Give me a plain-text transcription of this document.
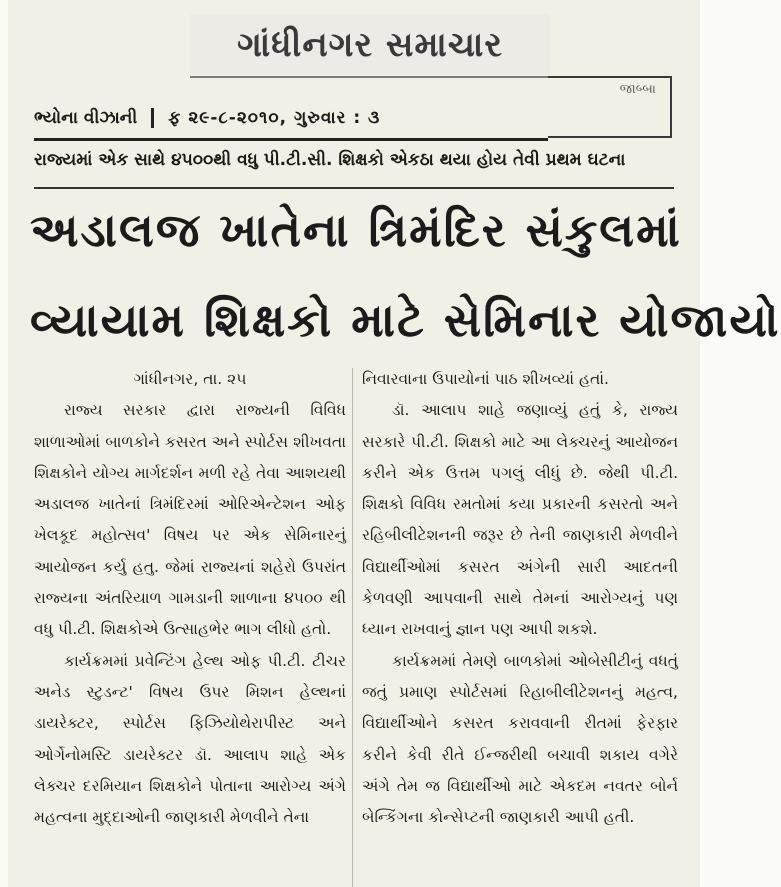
ગાંધીનગર સમાચાર
જાબ્બા
ભ્યોના વીઝાની	ફ ૨૯-૮-૨૦૧૦, ગુરુવાર : ૩
રાજ્યમાં એક સાથે ૪૫૦૦થી વધુ પી.ટી.સી. શિક્ષકો એકઠા થયા હોય તેવી પ્રથમ ઘટના
અડાલજ ખાતેના ત્રિમંદિર સંકુલમાં
વ્યાયામ શિક્ષકો માટે સેમિનાર યોજાયો

ગાંધીનગર, તા. ૨૫

રાજ્ય સરકાર દ્વારા રાજ્યની વિવિધ શાળાઓમાં બાળકોને કસરત અને સ્પોર્ટસ શીખવતા શિક્ષકોને યોગ્ય માર્ગદર્શન મળી રહે તેવા આશયથી અડાલજ ખાતેનાં ત્રિમંદિરમાં ઓરિએન્ટેશન ઓફ ખેલકૂદ મહોત્સવ' વિષય પર એક સેમિનારનું આયોજન કર્યુ હતુ. જેમાં રાજ્યનાં શહેરો ઉપરાંત રાજ્યના અંતરિયાળ ગામડાની શાળાના ૪૫૦૦ થી વધુ પી.ટી. શિક્ષકોએ ઉત્સાહભેર ભાગ લીધો હતો.

કાર્યક્રમમાં પ્રવેન્ટિંગ હેલ્થ ઓફ પી.ટી. ટીચર અનેડ સ્ટુડન્ટ' વિષય ઉપર મિશન હેલ્થનાં ડાયરેક્ટર, સ્પોર્ટસ ફિઝિયોથેરાપીસ્ટ અને ઓર્ગેનોમસ્ટિ ડાયરેક્ટર ડૉ. આલાપ શાહે એક લેક્ચર દરમિયાન શિક્ષકોને પોતાના આરોગ્ય અંગે મહત્વના મુદ્દાઓની જાણકારી મેળવીને તેના

નિવારવાના ઉપાયોનાં પાઠ શીખવ્યાં હતાં.

ડૉ. આલાપ શાહે જણાવ્યું હતું કે, રાજ્ય સરકારે પી.ટી. શિક્ષકો માટે આ લેક્ચરનું આયોજન કરીને એક ઉત્તમ પગલું લીધું છે. જેથી પી.ટી. શિક્ષકો વિવિધ રમતોમાં કયા પ્રકારની કસરતો અને રહિબીલીટેશનની જરૂર છે તેની જાણકારી મેળવીને વિદ્યાર્થીઓમાં કસરત અંગેની સારી આદતની કેળવણી આપવાની સાથે તેમનાં આરોગ્યનું પણ ધ્યાન રાખવાનું જ્ઞાન પણ આપી શકશે.

કાર્યક્રમમાં તેમણે બાળકોમાં ઓબેસીટીનું વધતું જતું પ્રમાણ સ્પોર્ટસમાં રિહાબીલીટેશનનું મહત્વ, વિદ્યાર્થીઓને કસરત કરાવવાની રીતમાં ફેરફાર કરીને કેવી રીતે ઈન્જરીથી બચાવી શકાય વગેરે અંગે તેમ જ વિદ્યાર્થીઓ માટે એકદમ નવતર બોર્ન બેન્કિંગના કોન્સેપ્ટની જાણકારી આપી હતી.
